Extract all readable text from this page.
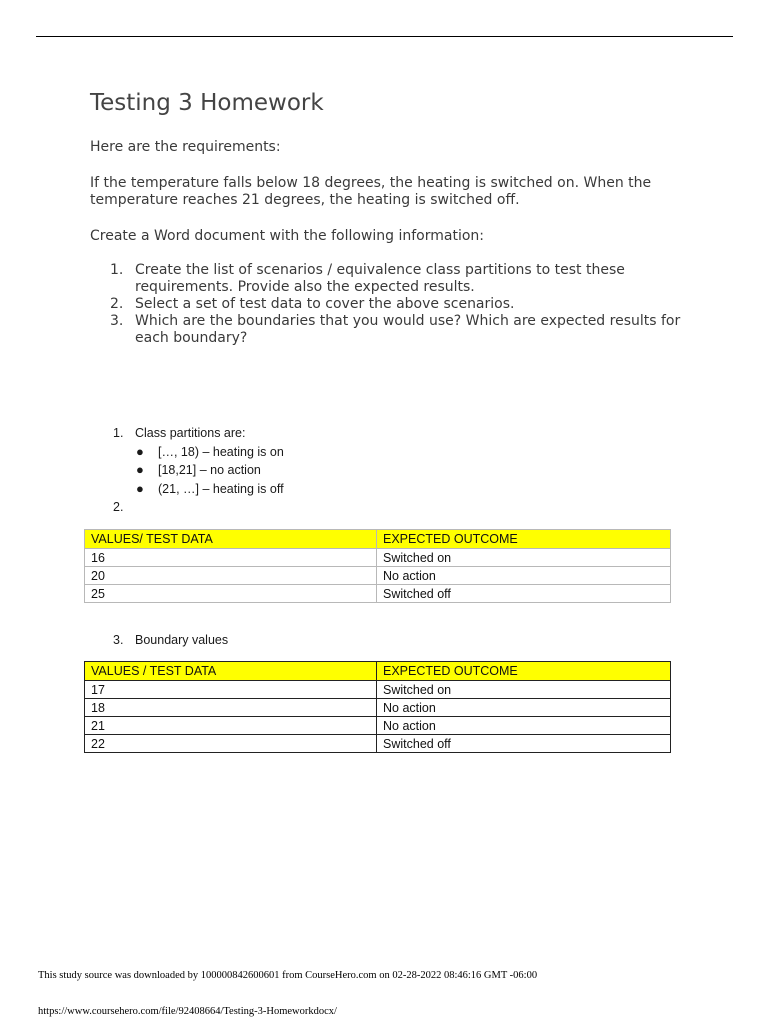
Testing 3 Homework
Here are the requirements:
If the temperature falls below 18 degrees, the heating is switched on. When the temperature reaches 21 degrees, the heating is switched off.
Create a Word document with the following information:
1. Create the list of scenarios / equivalence class partitions to test these requirements. Provide also the expected results.
2. Select a set of test data to cover the above scenarios.
3. Which are the boundaries that you would use? Which are expected results for each boundary?
1. Class partitions are:
● […, 18) – heating is on
● [18,21] – no action
● (21, …] – heating is off
2.
VALUES/ TEST DATA	EXPECTED OUTCOME
16	Switched on
20	No action
25	Switched off
3. Boundary values
VALUES / TEST DATA	EXPECTED OUTCOME
17	Switched on
18	No action
21	No action
22	Switched off
This study source was downloaded by 100000842600601 from CourseHero.com on 02-28-2022 08:46:16 GMT -06:00
https://www.coursehero.com/file/92408664/Testing-3-Homeworkdocx/
